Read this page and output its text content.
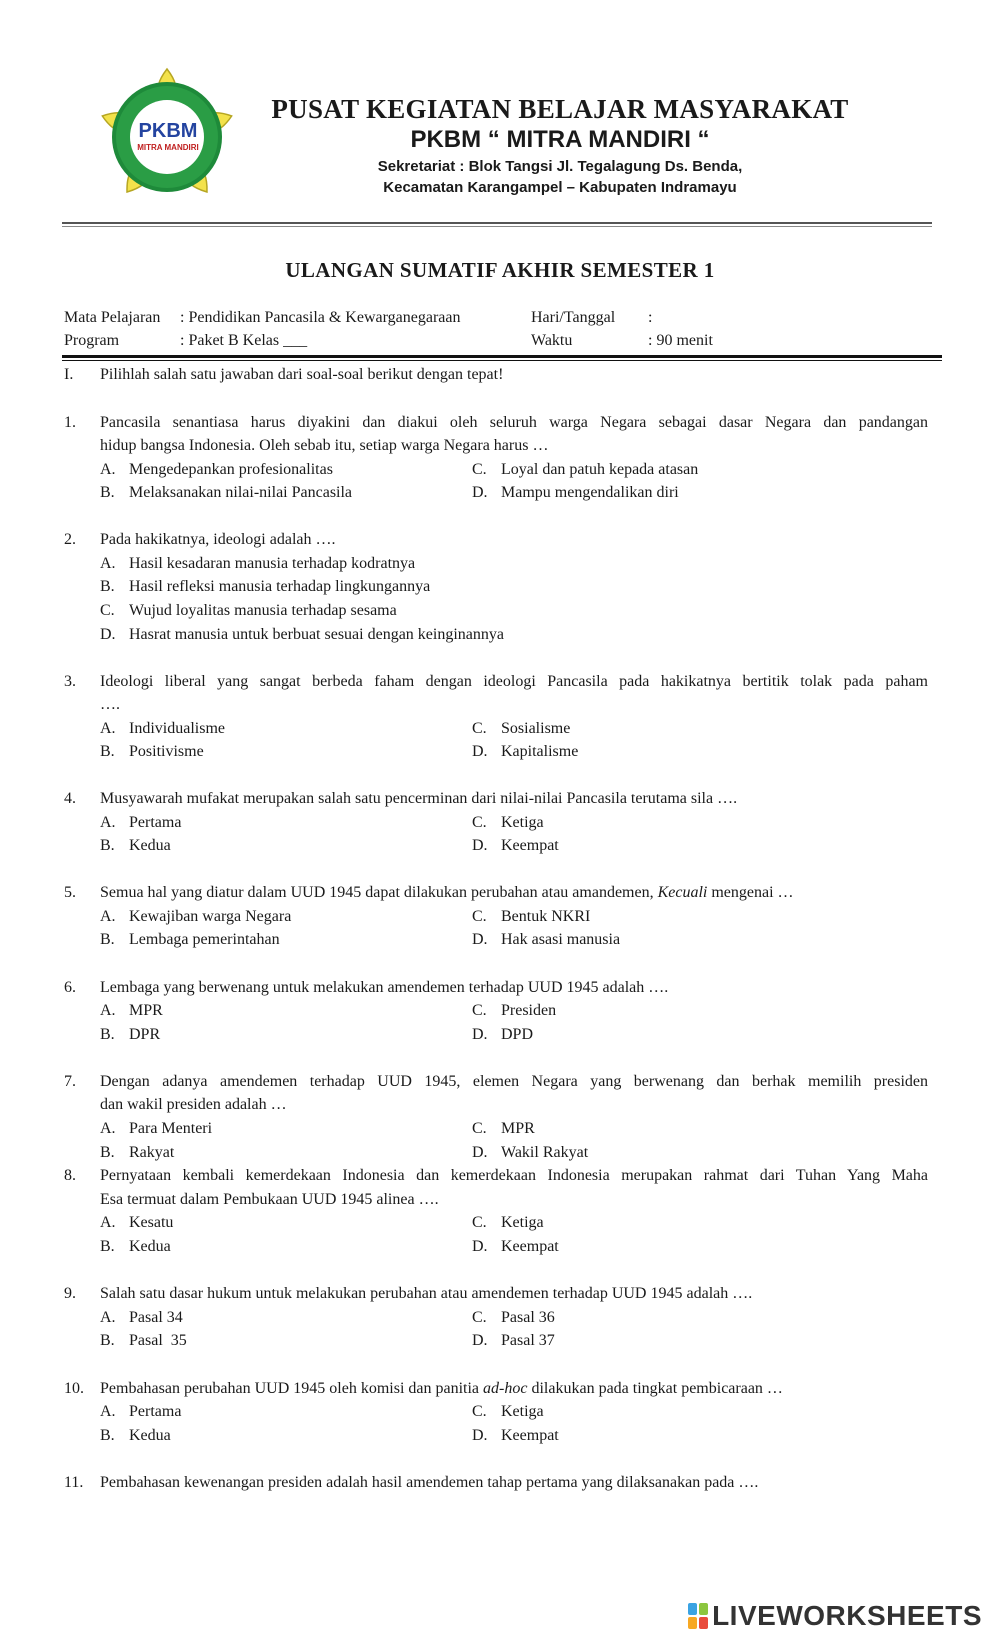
PKBM
MITRA MANDIRI
PUSAT KEGIATAN BELAJAR MASYARAKAT
PKBM “ MITRA MANDIRI “
Sekretariat : Blok Tangsi Jl. Tegalagung Ds. Benda,
Kecamatan Karangampel – Kabupaten Indramayu
ULANGAN SUMATIF AKHIR SEMESTER 1
Mata Pelajaran : Pendidikan Pancasila & Kewarganegaraan
Program	: Paket B Kelas ___
Hari/Tanggal :
Waktu	: 90 menit
I. Pilihlah salah satu jawaban dari soal-soal berikut dengan tepat!
1. Pancasila senantiasa harus diyakini dan diakui oleh seluruh warga Negara sebagai dasar Negara dan pandangan
hidup bangsa Indonesia. Oleh sebab itu, setiap warga Negara harus …
A. Mengedepankan profesionalitas
B. Melaksanakan nilai-nilai Pancasila
C. Loyal dan patuh kepada atasan
D. Mampu mengendalikan diri
2. Pada hakikatnya, ideologi adalah ….
A. Hasil kesadaran manusia terhadap kodratnya
B. Hasil refleksi manusia terhadap lingkungannya
C. Wujud loyalitas manusia terhadap sesama
D. Hasrat manusia untuk berbuat sesuai dengan keinginannya
3. Ideologi liberal yang sangat berbeda faham dengan ideologi Pancasila pada hakikatnya bertitik tolak pada paham
….
A. Individualisme
B. Positivisme
C. Sosialisme
D. Kapitalisme
4. Musyawarah mufakat merupakan salah satu pencerminan dari nilai-nilai Pancasila terutama sila ….
A. Pertama
B. Kedua
C. Ketiga
D. Keempat
5. Semua hal yang diatur dalam UUD 1945 dapat dilakukan perubahan atau amandemen, Kecuali mengenai …
A. Kewajiban warga Negara
B. Lembaga pemerintahan
C. Bentuk NKRI
D. Hak asasi manusia
6. Lembaga yang berwenang untuk melakukan amendemen terhadap UUD 1945 adalah ….
A. MPR
B. DPR
C. Presiden
D. DPD
7. Dengan adanya amendemen terhadap UUD 1945, elemen Negara yang berwenang dan berhak memilih presiden
dan wakil presiden adalah …
A. Para Menteri
B. Rakyat
C. MPR
D. Wakil Rakyat
8. Pernyataan kembali kemerdekaan Indonesia dan kemerdekaan Indonesia merupakan rahmat dari Tuhan Yang Maha
Esa termuat dalam Pembukaan UUD 1945 alinea ….
A. Kesatu
B. Kedua
C. Ketiga
D. Keempat
9. Salah satu dasar hukum untuk melakukan perubahan atau amendemen terhadap UUD 1945 adalah ….
A. Pasal 34
B. Pasal  35
C. Pasal 36
D. Pasal 37
10. Pembahasan perubahan UUD 1945 oleh komisi dan panitia ad-hoc dilakukan pada tingkat pembicaraan …
A. Pertama
B. Kedua
C. Ketiga
D. Keempat
11. Pembahasan kewenangan presiden adalah hasil amendemen tahap pertama yang dilaksanakan pada ….
LIVEWORKSHEETS
